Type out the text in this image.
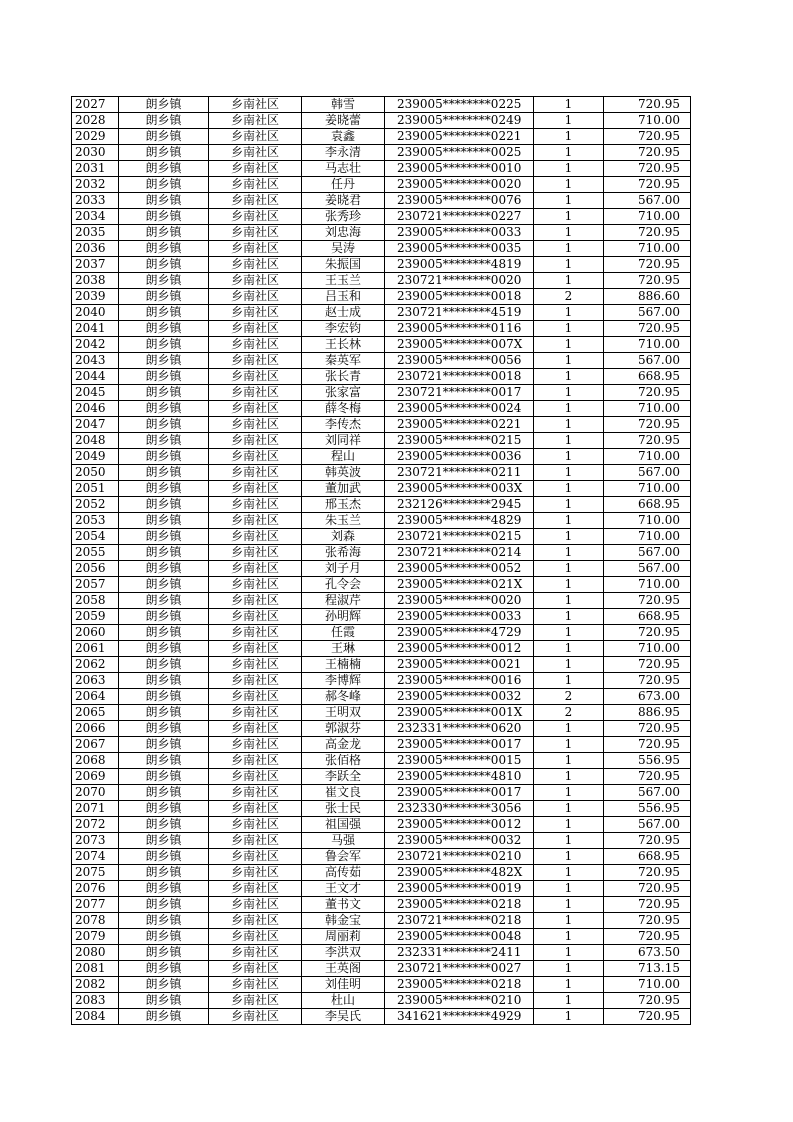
2027	朗乡镇	乡南社区	韩雪	239005********0225	1	720.95
2028	朗乡镇	乡南社区	姜晓蕾	239005********0249	1	710.00
2029	朗乡镇	乡南社区	袁鑫	239005********0221	1	720.95
2030	朗乡镇	乡南社区	李永清	239005********0025	1	720.95
2031	朗乡镇	乡南社区	马志壮	239005********0010	1	720.95
2032	朗乡镇	乡南社区	任丹	239005********0020	1	720.95
2033	朗乡镇	乡南社区	姜晓君	239005********0076	1	567.00
2034	朗乡镇	乡南社区	张秀珍	230721********0227	1	710.00
2035	朗乡镇	乡南社区	刘忠海	239005********0033	1	720.95
2036	朗乡镇	乡南社区	吴涛	239005********0035	1	710.00
2037	朗乡镇	乡南社区	朱振国	239005********4819	1	720.95
2038	朗乡镇	乡南社区	王玉兰	230721********0020	1	720.95
2039	朗乡镇	乡南社区	吕玉和	239005********0018	2	886.60
2040	朗乡镇	乡南社区	赵士成	230721********4519	1	567.00
2041	朗乡镇	乡南社区	李宏钧	239005********0116	1	720.95
2042	朗乡镇	乡南社区	王长林	239005********007X	1	710.00
2043	朗乡镇	乡南社区	秦英军	239005********0056	1	567.00
2044	朗乡镇	乡南社区	张长青	230721********0018	1	668.95
2045	朗乡镇	乡南社区	张家富	230721********0017	1	720.95
2046	朗乡镇	乡南社区	薛冬梅	239005********0024	1	710.00
2047	朗乡镇	乡南社区	李传杰	239005********0221	1	720.95
2048	朗乡镇	乡南社区	刘同祥	239005********0215	1	720.95
2049	朗乡镇	乡南社区	程山	239005********0036	1	710.00
2050	朗乡镇	乡南社区	韩英波	230721********0211	1	567.00
2051	朗乡镇	乡南社区	董加武	239005********003X	1	710.00
2052	朗乡镇	乡南社区	邢玉杰	232126********2945	1	668.95
2053	朗乡镇	乡南社区	朱玉兰	239005********4829	1	710.00
2054	朗乡镇	乡南社区	刘森	230721********0215	1	710.00
2055	朗乡镇	乡南社区	张希海	230721********0214	1	567.00
2056	朗乡镇	乡南社区	刘子月	239005********0052	1	567.00
2057	朗乡镇	乡南社区	孔令会	239005********021X	1	710.00
2058	朗乡镇	乡南社区	程淑芹	239005********0020	1	720.95
2059	朗乡镇	乡南社区	孙明辉	239005********0033	1	668.95
2060	朗乡镇	乡南社区	任霞	239005********4729	1	720.95
2061	朗乡镇	乡南社区	王琳	239005********0012	1	710.00
2062	朗乡镇	乡南社区	王楠楠	239005********0021	1	720.95
2063	朗乡镇	乡南社区	李博辉	239005********0016	1	720.95
2064	朗乡镇	乡南社区	郝冬峰	239005********0032	2	673.00
2065	朗乡镇	乡南社区	王明双	239005********001X	2	886.95
2066	朗乡镇	乡南社区	郭淑芬	232331********0620	1	720.95
2067	朗乡镇	乡南社区	高金龙	239005********0017	1	720.95
2068	朗乡镇	乡南社区	张佰格	239005********0015	1	556.95
2069	朗乡镇	乡南社区	李跃全	239005********4810	1	720.95
2070	朗乡镇	乡南社区	崔文良	239005********0017	1	567.00
2071	朗乡镇	乡南社区	张士民	232330********3056	1	556.95
2072	朗乡镇	乡南社区	祖国强	239005********0012	1	567.00
2073	朗乡镇	乡南社区	马强	239005********0032	1	720.95
2074	朗乡镇	乡南社区	鲁会军	230721********0210	1	668.95
2075	朗乡镇	乡南社区	高传茹	239005********482X	1	720.95
2076	朗乡镇	乡南社区	王文才	239005********0019	1	720.95
2077	朗乡镇	乡南社区	董书文	239005********0218	1	720.95
2078	朗乡镇	乡南社区	韩金宝	230721********0218	1	720.95
2079	朗乡镇	乡南社区	周丽莉	239005********0048	1	720.95
2080	朗乡镇	乡南社区	李洪双	232331********2411	1	673.50
2081	朗乡镇	乡南社区	王英阁	230721********0027	1	713.15
2082	朗乡镇	乡南社区	刘佳明	239005********0218	1	710.00
2083	朗乡镇	乡南社区	杜山	239005********0210	1	720.95
2084	朗乡镇	乡南社区	李吴氏	341621********4929	1	720.95
